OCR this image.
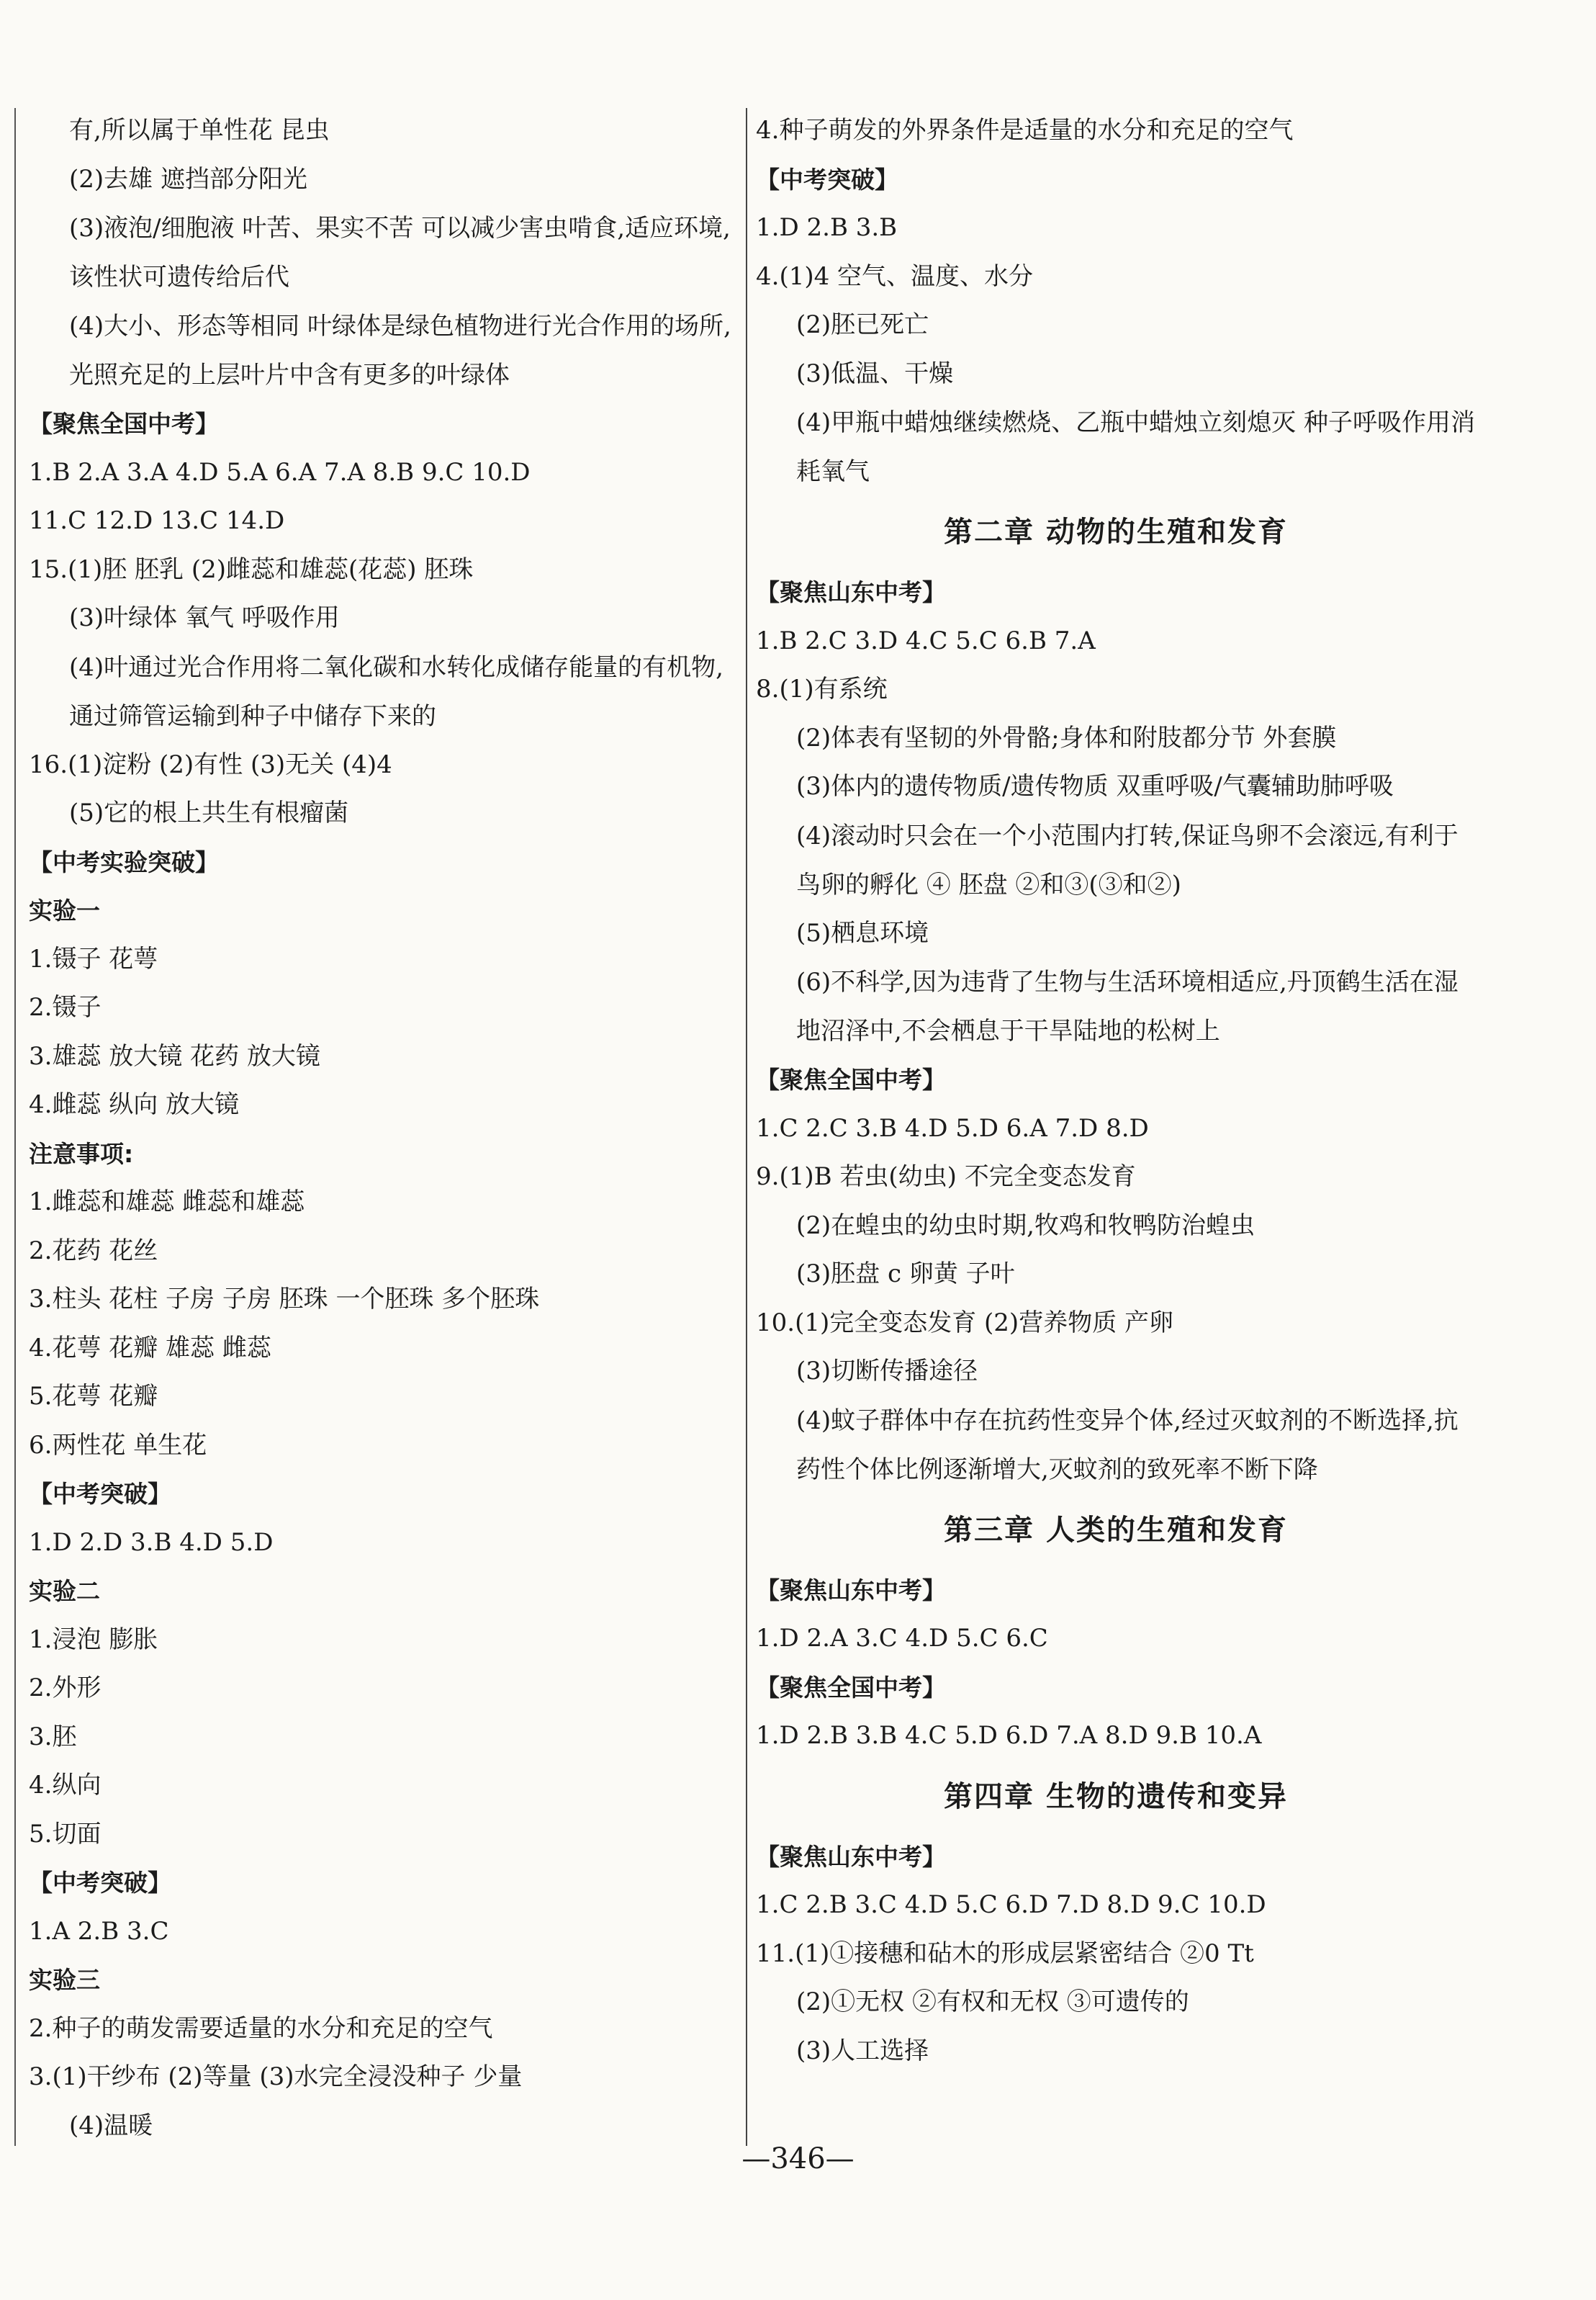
有,所以属于单性花 昆虫
(2)去雄 遮挡部分阳光
(3)液泡/细胞液 叶苦、果实不苦 可以减少害虫啃食,适应环境,该性状可遗传给后代
(4)大小、形态等相同 叶绿体是绿色植物进行光合作用的场所,光照充足的上层叶片中含有更多的叶绿体
【聚焦全国中考】
1.B 2.A 3.A 4.D 5.A 6.A 7.A 8.B 9.C 10.D
11.C 12.D 13.C 14.D
15.(1)胚 胚乳 (2)雌蕊和雄蕊(花蕊) 胚珠
(3)叶绿体 氧气 呼吸作用
(4)叶通过光合作用将二氧化碳和水转化成储存能量的有机物,通过筛管运输到种子中储存下来的
16.(1)淀粉 (2)有性 (3)无关 (4)4
(5)它的根上共生有根瘤菌
【中考实验突破】
实验一
1.镊子 花萼
2.镊子
3.雄蕊 放大镜 花药 放大镜
4.雌蕊 纵向 放大镜
注意事项:
1.雌蕊和雄蕊 雌蕊和雄蕊
2.花药 花丝
3.柱头 花柱 子房 子房 胚珠 一个胚珠 多个胚珠
4.花萼 花瓣 雄蕊 雌蕊
5.花萼 花瓣
6.两性花 单生花
【中考突破】
1.D 2.D 3.B 4.D 5.D
实验二
1.浸泡 膨胀
2.外形
3.胚
4.纵向
5.切面
【中考突破】
1.A 2.B 3.C
实验三
2.种子的萌发需要适量的水分和充足的空气
3.(1)干纱布 (2)等量 (3)水完全浸没种子 少量
(4)温暖
4.种子萌发的外界条件是适量的水分和充足的空气
【中考突破】
1.D 2.B 3.B
4.(1)4 空气、温度、水分
(2)胚已死亡
(3)低温、干燥
(4)甲瓶中蜡烛继续燃烧、乙瓶中蜡烛立刻熄灭 种子呼吸作用消耗氧气
第二章 动物的生殖和发育
【聚焦山东中考】
1.B 2.C 3.D 4.C 5.C 6.B 7.A
8.(1)有系统
(2)体表有坚韧的外骨骼;身体和附肢都分节 外套膜
(3)体内的遗传物质/遗传物质 双重呼吸/气囊辅助肺呼吸
(4)滚动时只会在一个小范围内打转,保证鸟卵不会滚远,有利于鸟卵的孵化 ④ 胚盘 ②和③(③和②)
(5)栖息环境
(6)不科学,因为违背了生物与生活环境相适应,丹顶鹤生活在湿地沼泽中,不会栖息于干旱陆地的松树上
【聚焦全国中考】
1.C 2.C 3.B 4.D 5.D 6.A 7.D 8.D
9.(1)B 若虫(幼虫) 不完全变态发育
(2)在蝗虫的幼虫时期,牧鸡和牧鸭防治蝗虫
(3)胚盘 c 卵黄 子叶
10.(1)完全变态发育 (2)营养物质 产卵
(3)切断传播途径
(4)蚊子群体中存在抗药性变异个体,经过灭蚊剂的不断选择,抗药性个体比例逐渐增大,灭蚊剂的致死率不断下降
第三章 人类的生殖和发育
【聚焦山东中考】
1.D 2.A 3.C 4.D 5.C 6.C
【聚焦全国中考】
1.D 2.B 3.B 4.C 5.D 6.D 7.A 8.D 9.B 10.A
第四章 生物的遗传和变异
【聚焦山东中考】
1.C 2.B 3.C 4.D 5.C 6.D 7.D 8.D 9.C 10.D
11.(1)①接穗和砧木的形成层紧密结合 ②0 Tt
(2)①无权 ②有权和无权 ③可遗传的
(3)人工选择
—346—
